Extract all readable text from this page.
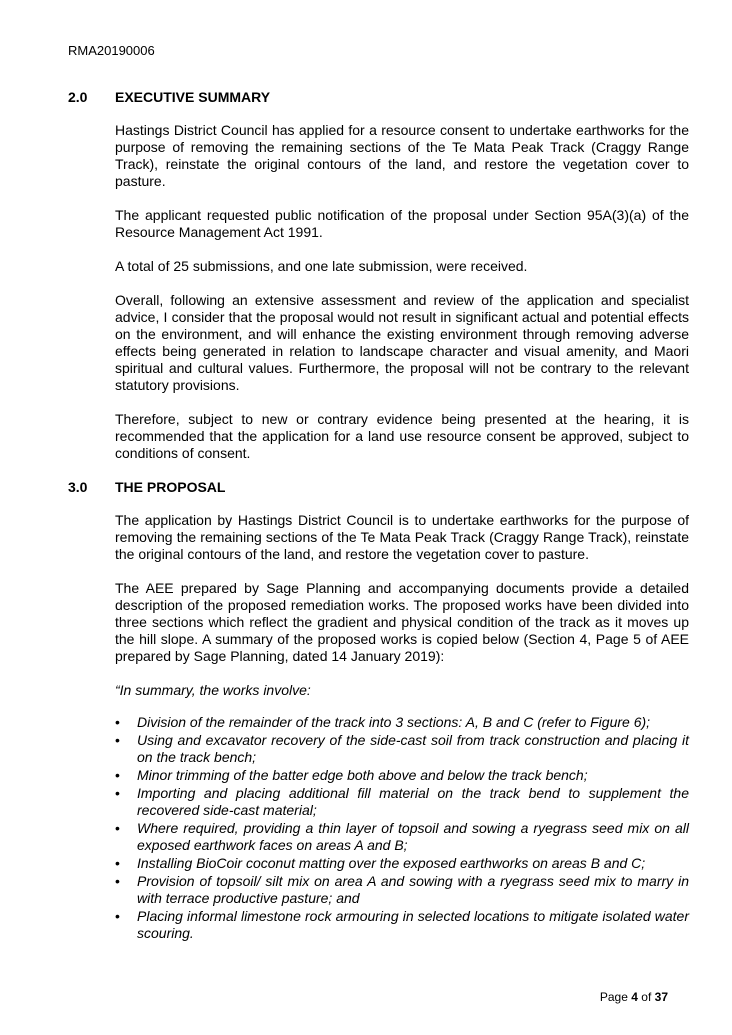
RMA20190006
2.0 EXECUTIVE SUMMARY
Hastings District Council has applied for a resource consent to undertake earthworks for the purpose of removing the remaining sections of the Te Mata Peak Track (Craggy Range Track), reinstate the original contours of the land, and restore the vegetation cover to pasture.
The applicant requested public notification of the proposal under Section 95A(3)(a) of the Resource Management Act 1991.
A total of 25 submissions, and one late submission, were received.
Overall, following an extensive assessment and review of the application and specialist advice, I consider that the proposal would not result in significant actual and potential effects on the environment, and will enhance the existing environment through removing adverse effects being generated in relation to landscape character and visual amenity, and Maori spiritual and cultural values. Furthermore, the proposal will not be contrary to the relevant statutory provisions.
Therefore, subject to new or contrary evidence being presented at the hearing, it is recommended that the application for a land use resource consent be approved, subject to conditions of consent.
3.0 THE PROPOSAL
The application by Hastings District Council is to undertake earthworks for the purpose of removing the remaining sections of the Te Mata Peak Track (Craggy Range Track), reinstate the original contours of the land, and restore the vegetation cover to pasture.
The AEE prepared by Sage Planning and accompanying documents provide a detailed description of the proposed remediation works. The proposed works have been divided into three sections which reflect the gradient and physical condition of the track as it moves up the hill slope. A summary of the proposed works is copied below (Section 4, Page 5 of AEE prepared by Sage Planning, dated 14 January 2019):
“In summary, the works involve:
• Division of the remainder of the track into 3 sections: A, B and C (refer to Figure 6);
• Using and excavator recovery of the side-cast soil from track construction and placing it on the track bench;
• Minor trimming of the batter edge both above and below the track bench;
• Importing and placing additional fill material on the track bend to supplement the recovered side-cast material;
• Where required, providing a thin layer of topsoil and sowing a ryegrass seed mix on all exposed earthwork faces on areas A and B;
• Installing BioCoir coconut matting over the exposed earthworks on areas B and C;
• Provision of topsoil/ silt mix on area A and sowing with a ryegrass seed mix to marry in with terrace productive pasture; and
• Placing informal limestone rock armouring in selected locations to mitigate isolated water scouring.
Page 4 of 37
